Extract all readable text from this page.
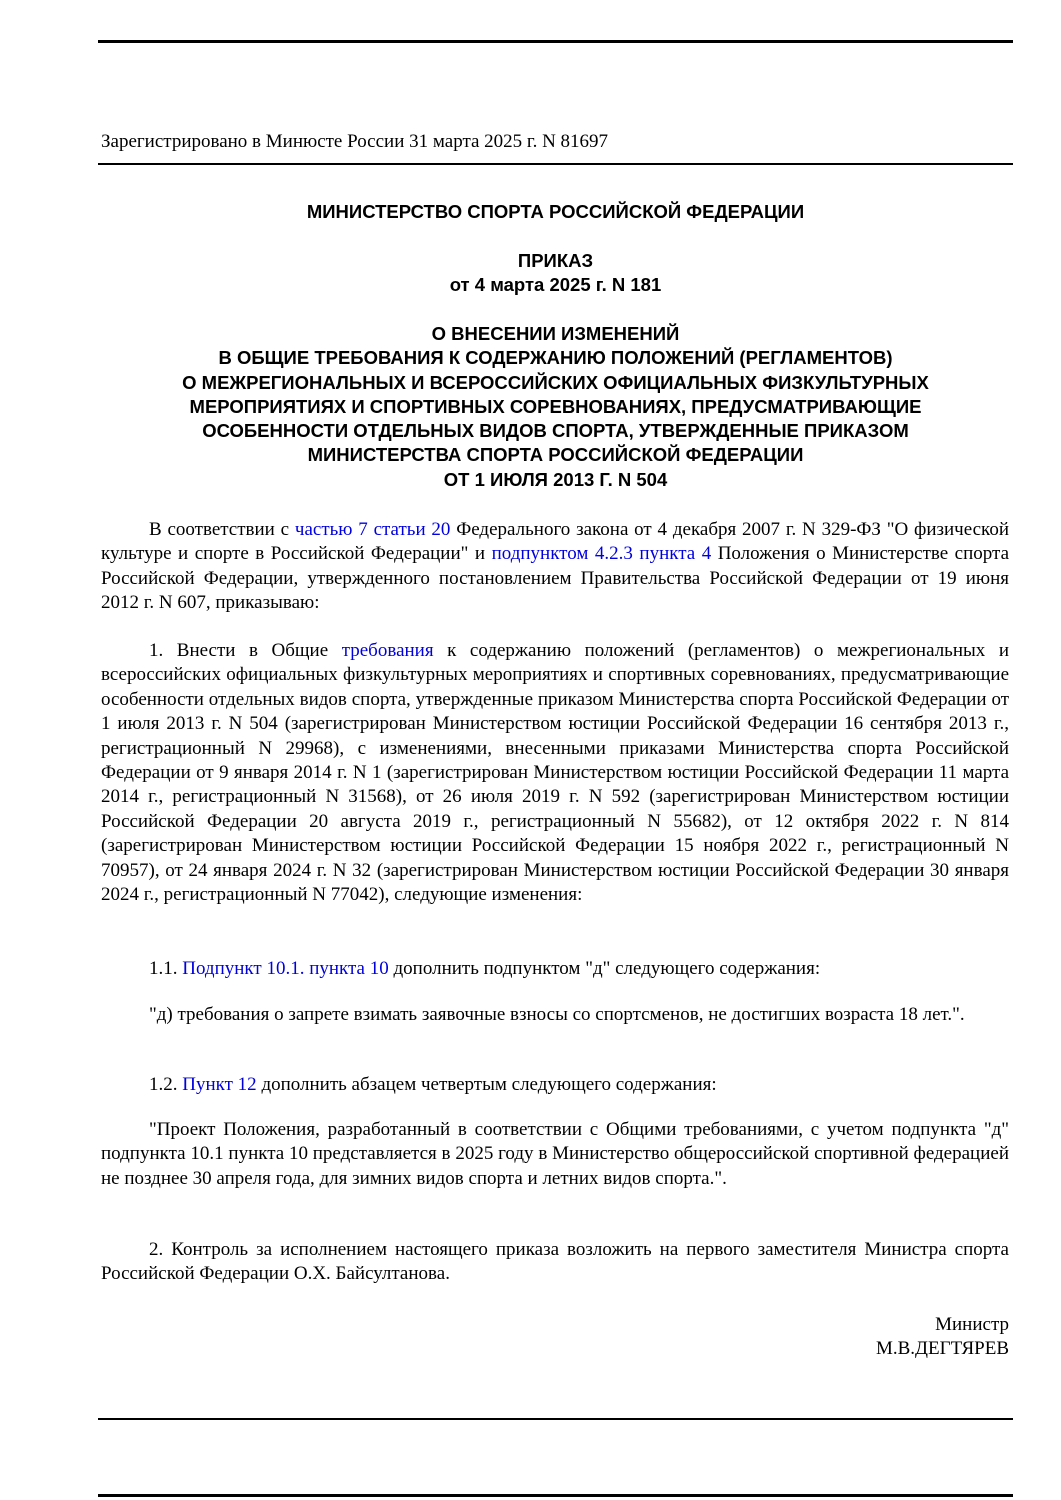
Зарегистрировано в Минюсте России 31 марта 2025 г. N 81697
МИНИСТЕРСТВО СПОРТА РОССИЙСКОЙ ФЕДЕРАЦИИ
ПРИКАЗ
от 4 марта 2025 г. N 181
О ВНЕСЕНИИ ИЗМЕНЕНИЙ
В ОБЩИЕ ТРЕБОВАНИЯ К СОДЕРЖАНИЮ ПОЛОЖЕНИЙ (РЕГЛАМЕНТОВ)
О МЕЖРЕГИОНАЛЬНЫХ И ВСЕРОССИЙСКИХ ОФИЦИАЛЬНЫХ ФИЗКУЛЬТУРНЫХ
МЕРОПРИЯТИЯХ И СПОРТИВНЫХ СОРЕВНОВАНИЯХ, ПРЕДУСМАТРИВАЮЩИЕ
ОСОБЕННОСТИ ОТДЕЛЬНЫХ ВИДОВ СПОРТА, УТВЕРЖДЕННЫЕ ПРИКАЗОМ
МИНИСТЕРСТВА СПОРТА РОССИЙСКОЙ ФЕДЕРАЦИИ
ОТ 1 ИЮЛЯ 2013 Г. N 504

В соответствии с частью 7 статьи 20 Федерального закона от 4 декабря 2007 г. N 329-ФЗ "О физической культуре и спорте в Российской Федерации" и подпунктом 4.2.3 пункта 4 Положения о Министерстве спорта Российской Федерации, утвержденного постановлением Правительства Российской Федерации от 19 июня 2012 г. N 607, приказываю:

1. Внести в Общие требования к содержанию положений (регламентов) о межрегиональных и всероссийских официальных физкультурных мероприятиях и спортивных соревнованиях, предусматривающие особенности отдельных видов спорта, утвержденные приказом Министерства спорта Российской Федерации от 1 июля 2013 г. N 504 (зарегистрирован Министерством юстиции Российской Федерации 16 сентября 2013 г., регистрационный N 29968), с изменениями, внесенными приказами Министерства спорта Российской Федерации от 9 января 2014 г. N 1 (зарегистрирован Министерством юстиции Российской Федерации 11 марта 2014 г., регистрационный N 31568), от 26 июля 2019 г. N 592 (зарегистрирован Министерством юстиции Российской Федерации 20 августа 2019 г., регистрационный N 55682), от 12 октября 2022 г. N 814 (зарегистрирован Министерством юстиции Российской Федерации 15 ноября 2022 г., регистрационный N 70957), от 24 января 2024 г. N 32 (зарегистрирован Министерством юстиции Российской Федерации 30 января 2024 г., регистрационный N 77042), следующие изменения:

1.1. Подпункт 10.1. пункта 10 дополнить подпунктом "д" следующего содержания:

"д) требования о запрете взимать заявочные взносы со спортсменов, не достигших возраста 18 лет.".

1.2. Пункт 12 дополнить абзацем четвертым следующего содержания:

"Проект Положения, разработанный в соответствии с Общими требованиями, с учетом подпункта "д" подпункта 10.1 пункта 10 представляется в 2025 году в Министерство общероссийской спортивной федерацией не позднее 30 апреля года, для зимних видов спорта и летних видов спорта.".

2. Контроль за исполнением настоящего приказа возложить на первого заместителя Министра спорта Российской Федерации О.Х. Байсултанова.

Министр
М.В.ДЕГТЯРЕВ
